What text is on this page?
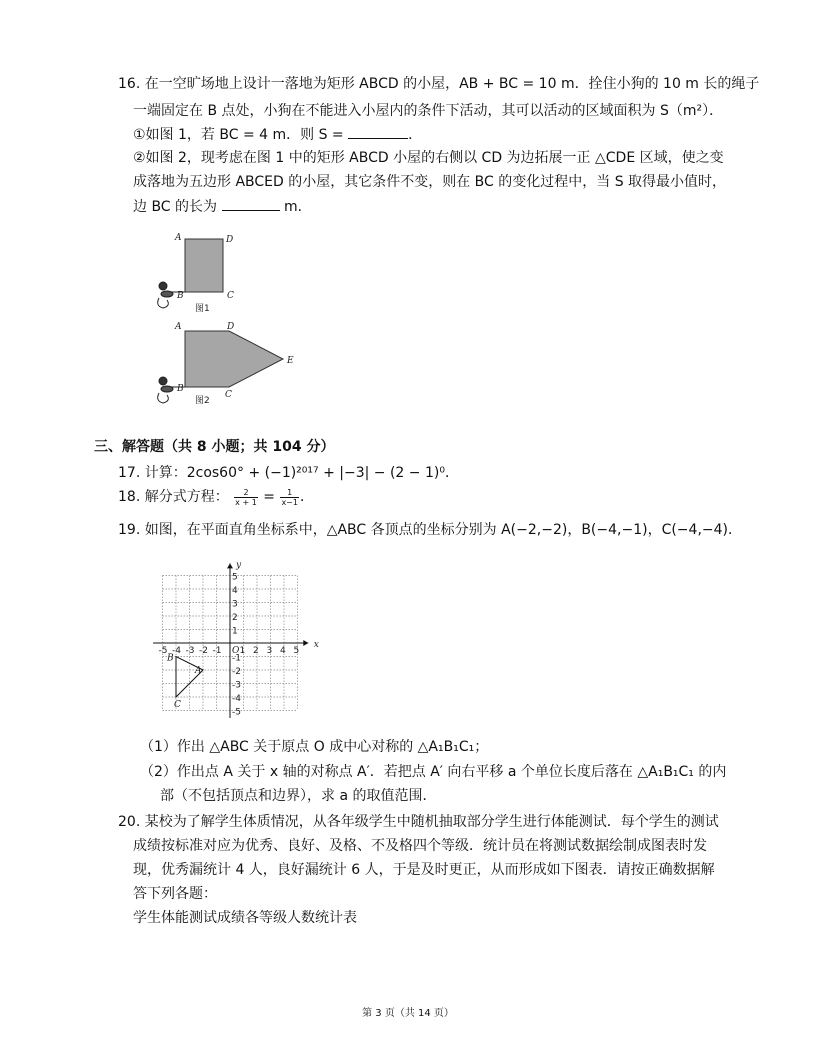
16. 在一空旷场地上设计一落地为矩形 ABCD 的小屋，AB + BC = 10 m．拴住小狗的 10 m 长的绳子
一端固定在 B 点处，小狗在不能进入小屋内的条件下活动，其可以活动的区域面积为 S（m²）．
①如图 1，若 BC = 4 m．则 S =	．
②如图 2，现考虑在图 1 中的矩形 ABCD 小屋的右侧以 CD 为边拓展一正 △CDE 区域，使之变
成落地为五边形 ABCED 的小屋，其它条件不变，则在 BC 的变化过程中，当 S 取得最小值时，
边 BC 的长为	m．
A	D
B	C
图1
A	D
E
B
C
图2
三、解答题（共 8 小题；共 104 分）
17. 计算：2cos60° + (−1)²⁰¹⁷ + |−3| − (2 − 1)⁰．
18. 解分式方程： $\frac{2}{x + 1} = \frac{1}{x-1}$ ．
19. 如图，在平面直角坐标系中，△ABC 各顶点的坐标分别为 A(−2,−2)，B(−4,−1)，C(−4,−4)．
x
y
O
-5 -4 -3 -2 -1 1 2 3 4 5
5
4
3
2
1
-1
-2
-3
-4
-5
A
B
C
（1）作出 △ABC 关于原点 O 成中心对称的 △A₁B₁C₁；
（2）作出点 A 关于 x 轴的对称点 A′．若把点 A′ 向右平移 a 个单位长度后落在 △A₁B₁C₁ 的内
部（不包括顶点和边界），求 a 的取值范围．
20. 某校为了解学生体质情况，从各年级学生中随机抽取部分学生进行体能测试．每个学生的测试
成绩按标准对应为优秀、良好、及格、不及格四个等级．统计员在将测试数据绘制成图表时发
现，优秀漏统计 4 人，良好漏统计 6 人，于是及时更正，从而形成如下图表．请按正确数据解
答下列各题：
学生体能测试成绩各等级人数统计表
第 3 页（共 14 页）
